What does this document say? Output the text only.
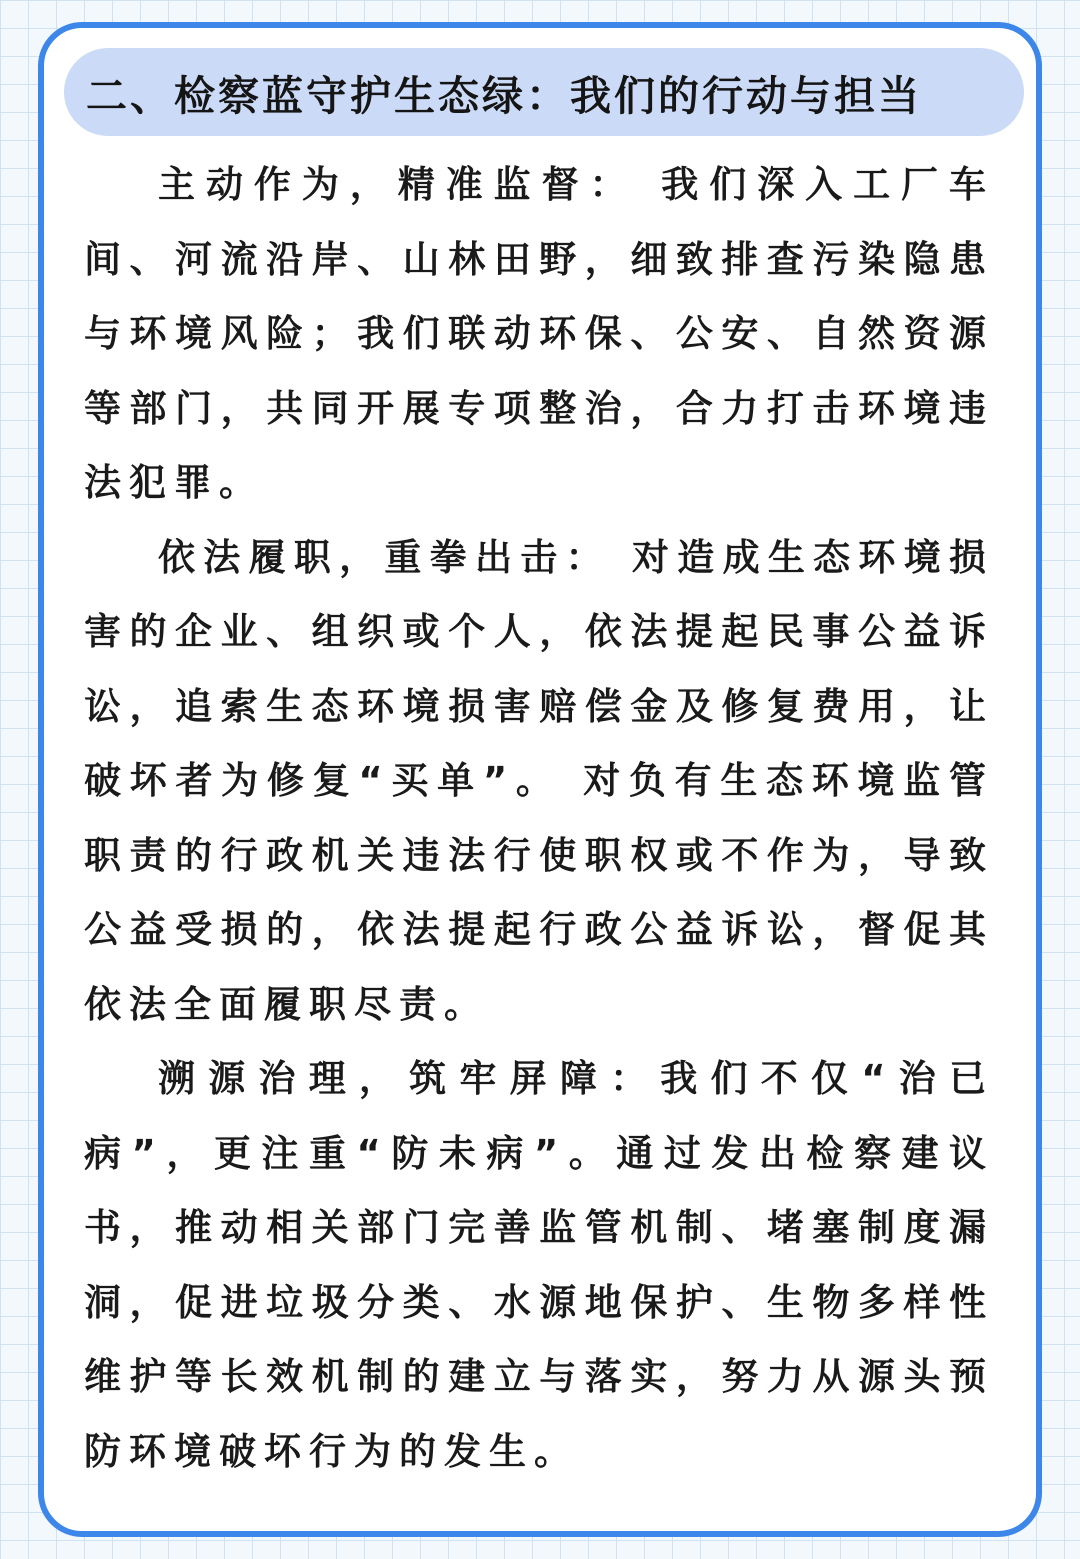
二、检察蓝守护生态绿：我们的行动与担当

主动作为，精准监督： 我们深入工厂车间、河流沿岸、山林田野，细致排查污染隐患与环境风险；我们联动环保、公安、自然资源等部门，共同开展专项整治，合力打击环境违法犯罪。

依法履职，重拳出击： 对造成生态环境损害的企业、组织或个人，依法提起民事公益诉讼，追索生态环境损害赔偿金及修复费用，让破坏者为修复“买单”。 对负有生态环境监管职责的行政机关违法行使职权或不作为，导致公益受损的，依法提起行政公益诉讼，督促其依法全面履职尽责。

溯源治理，筑牢屏障：我们不仅“治已病”，更注重“防未病”。通过发出检察建议书，推动相关部门完善监管机制、堵塞制度漏洞，促进垃圾分类、水源地保护、生物多样性维护等长效机制的建立与落实，努力从源头预防环境破坏行为的发生。
